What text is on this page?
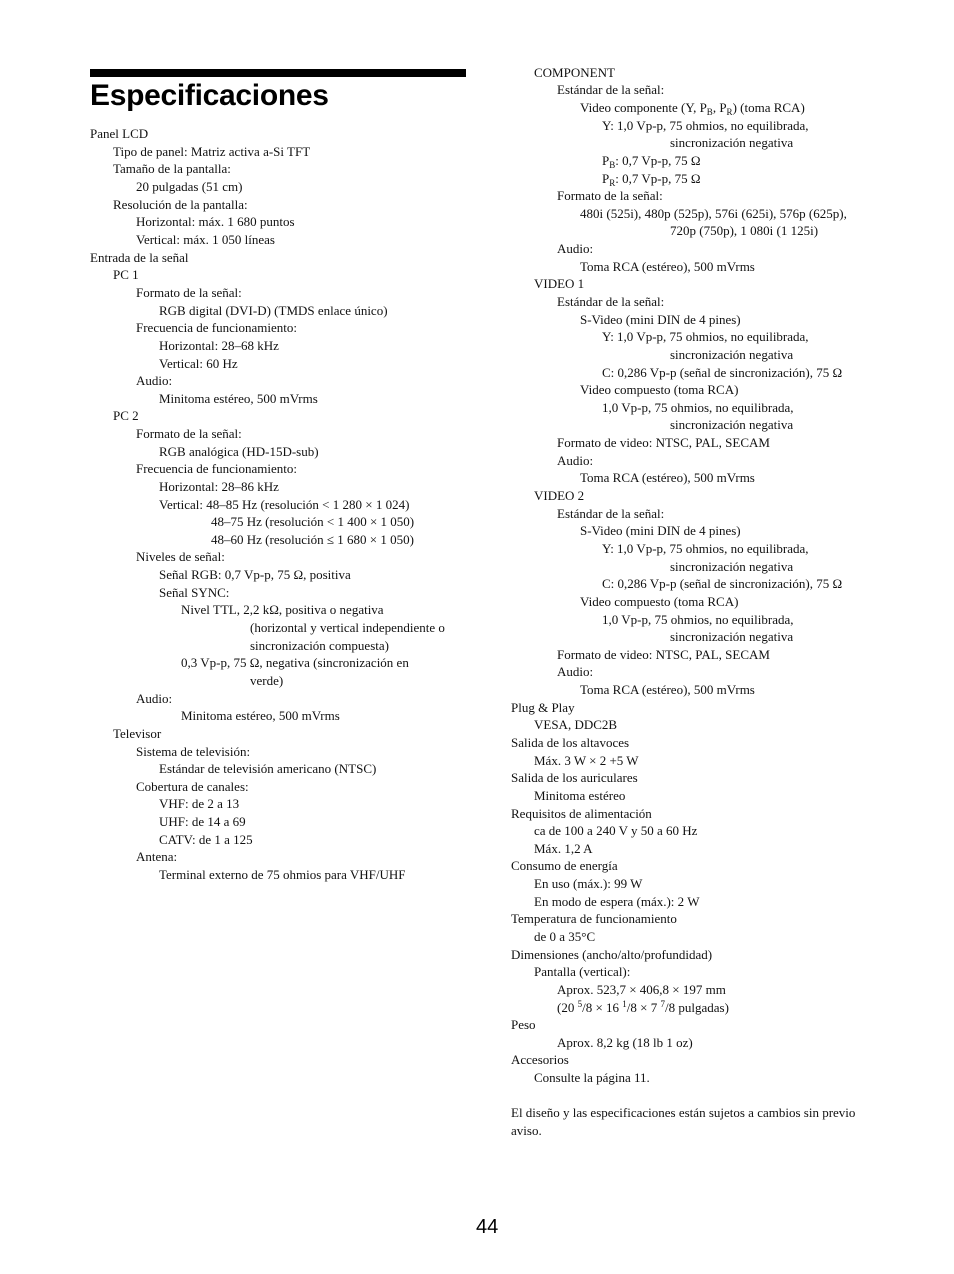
Especificaciones
Panel LCD
Tipo de panel: Matriz activa a-Si TFT
Tamaño de la pantalla:
20 pulgadas (51 cm)
Resolución de la pantalla:
Horizontal: máx. 1 680 puntos
Vertical: máx. 1 050 líneas
Entrada de la señal
PC 1
Formato de la señal:
RGB digital (DVI-D) (TMDS enlace único)
Frecuencia de funcionamiento:
Horizontal: 28–68 kHz
Vertical: 60 Hz
Audio:
Minitoma estéreo, 500 mVrms
PC 2
Formato de la señal:
RGB analógica (HD-15D-sub)
Frecuencia de funcionamiento:
Horizontal: 28–86 kHz
Vertical: 48–85 Hz (resolución < 1 280 × 1 024)
48–75 Hz (resolución < 1 400 × 1 050)
48–60 Hz (resolución ≤ 1 680 × 1 050)
Niveles de señal:
Señal RGB: 0,7 Vp-p, 75 Ω, positiva
Señal SYNC:
Nivel TTL, 2,2 kΩ, positiva o negativa
(horizontal y vertical independiente o
sincronización compuesta)
0,3 Vp-p, 75 Ω, negativa (sincronización en
verde)
Audio:
Minitoma estéreo, 500 mVrms
Televisor
Sistema de televisión:
Estándar de televisión americano (NTSC)
Cobertura de canales:
VHF: de 2 a 13
UHF: de 14 a 69
CATV: de 1 a 125
Antena:
Terminal externo de 75 ohmios para VHF/UHF
COMPONENT
Estándar de la señal:
Video componente (Y, $P_B$, $P_R$) (toma RCA)
Y: 1,0 Vp-p, 75 ohmios, no equilibrada,
sincronización negativa
$P_B$: 0,7 Vp-p, 75 Ω
$P_R$: 0,7 Vp-p, 75 Ω
Formato de la señal:
480i (525i), 480p (525p), 576i (625i), 576p (625p),
720p (750p), 1 080i (1 125i)
Audio:
Toma RCA (estéreo), 500 mVrms
VIDEO 1
Estándar de la señal:
S-Video (mini DIN de 4 pines)
Y: 1,0 Vp-p, 75 ohmios, no equilibrada,
sincronización negativa
C: 0,286 Vp-p (señal de sincronización), 75 Ω
Video compuesto (toma RCA)
1,0 Vp-p, 75 ohmios, no equilibrada,
sincronización negativa
Formato de video: NTSC, PAL, SECAM
Audio:
Toma RCA (estéreo), 500 mVrms
VIDEO 2
Estándar de la señal:
S-Video (mini DIN de 4 pines)
Y: 1,0 Vp-p, 75 ohmios, no equilibrada,
sincronización negativa
C: 0,286 Vp-p (señal de sincronización), 75 Ω
Video compuesto (toma RCA)
1,0 Vp-p, 75 ohmios, no equilibrada,
sincronización negativa
Formato de video: NTSC, PAL, SECAM
Audio:
Toma RCA (estéreo), 500 mVrms
Plug & Play
VESA, DDC2B
Salida de los altavoces
Máx. 3 W × 2 +5 W
Salida de los auriculares
Minitoma estéreo
Requisitos de alimentación
ca de 100 a 240 V y 50 a 60 Hz
Máx. 1,2 A
Consumo de energía
En uso (máx.): 99 W
En modo de espera (máx.): 2 W
Temperatura de funcionamiento
de 0 a 35°C
Dimensiones (ancho/alto/profundidad)
Pantalla (vertical):
Aprox. 523,7 × 406,8 × 197 mm
(20 $^5$/8 × 16 $^1$/8 × 7 $^7$/8 pulgadas)
Peso
Aprox. 8,2 kg (18 lb 1 oz)
Accesorios
Consulte la página 11.
El diseño y las especificaciones están sujetos a cambios sin previo
aviso.
44
